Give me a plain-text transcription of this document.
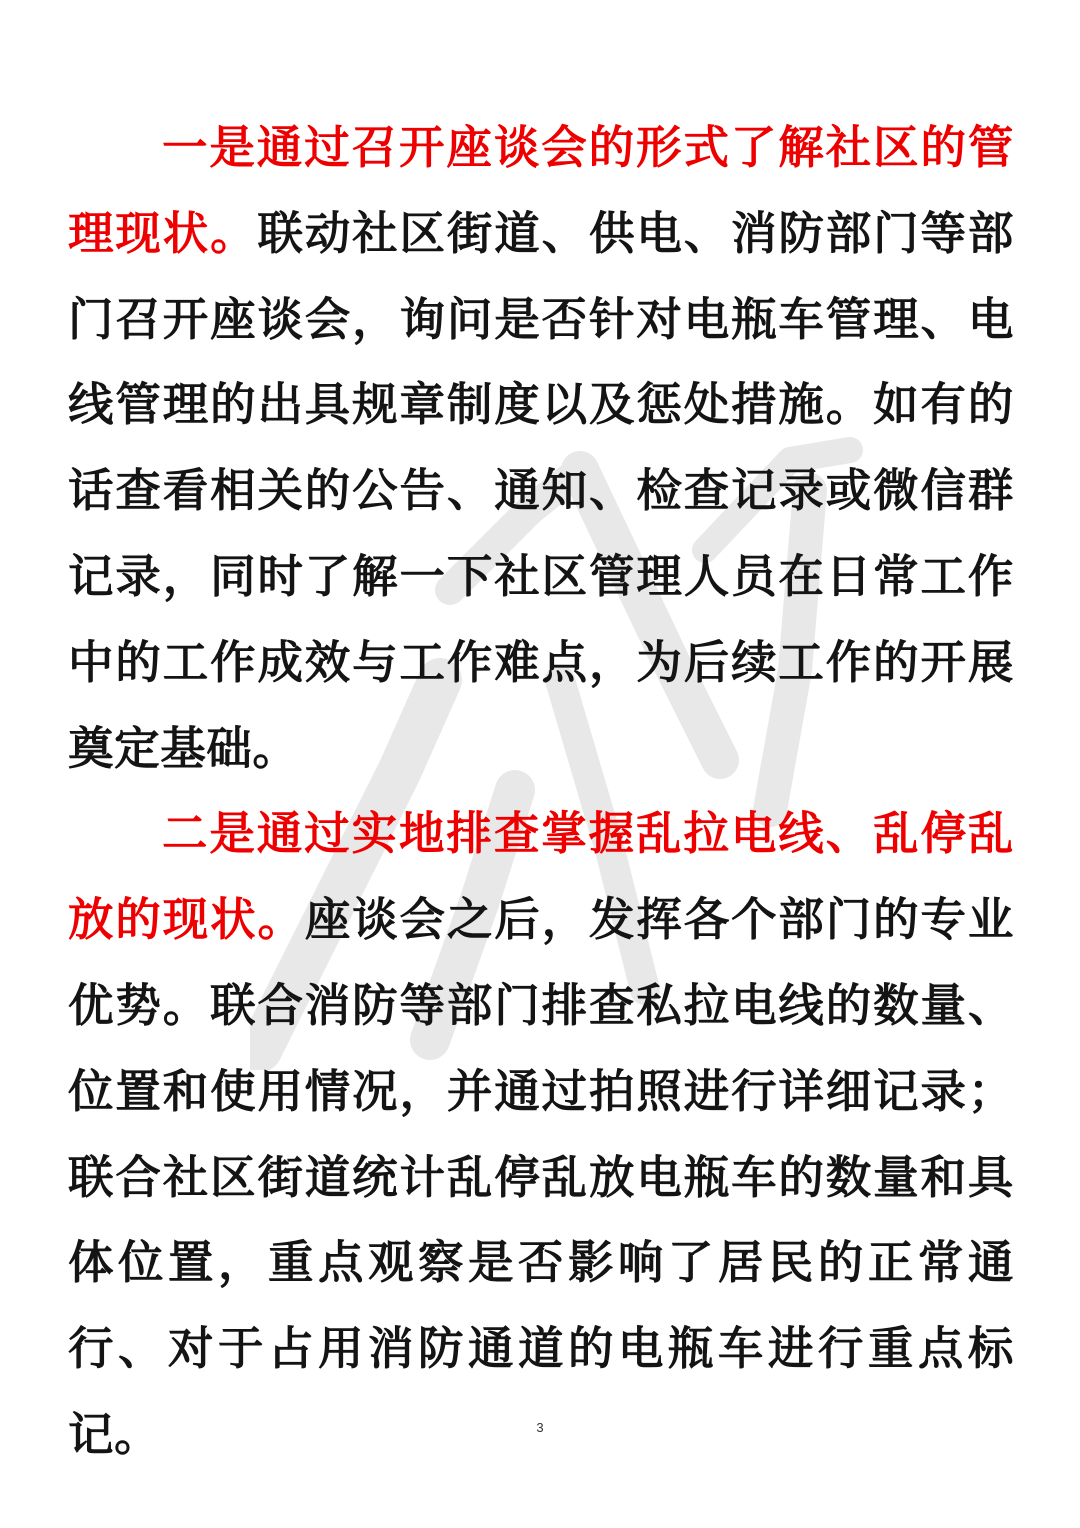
一是通过召开座谈会的形式了解社区的管理现状。联动社区街道、供电、消防部门等部门召开座谈会，询问是否针对电瓶车管理、电线管理的出具规章制度以及惩处措施。如有的话查看相关的公告、通知、检查记录或微信群记录，同时了解一下社区管理人员在日常工作中的工作成效与工作难点，为后续工作的开展奠定基础。

二是通过实地排查掌握乱拉电线、乱停乱放的现状。座谈会之后，发挥各个部门的专业优势。联合消防等部门排查私拉电线的数量、位置和使用情况，并通过拍照进行详细记录；联合社区街道统计乱停乱放电瓶车的数量和具体位置，重点观察是否影响了居民的正常通行、对于占用消防通道的电瓶车进行重点标记。	3
